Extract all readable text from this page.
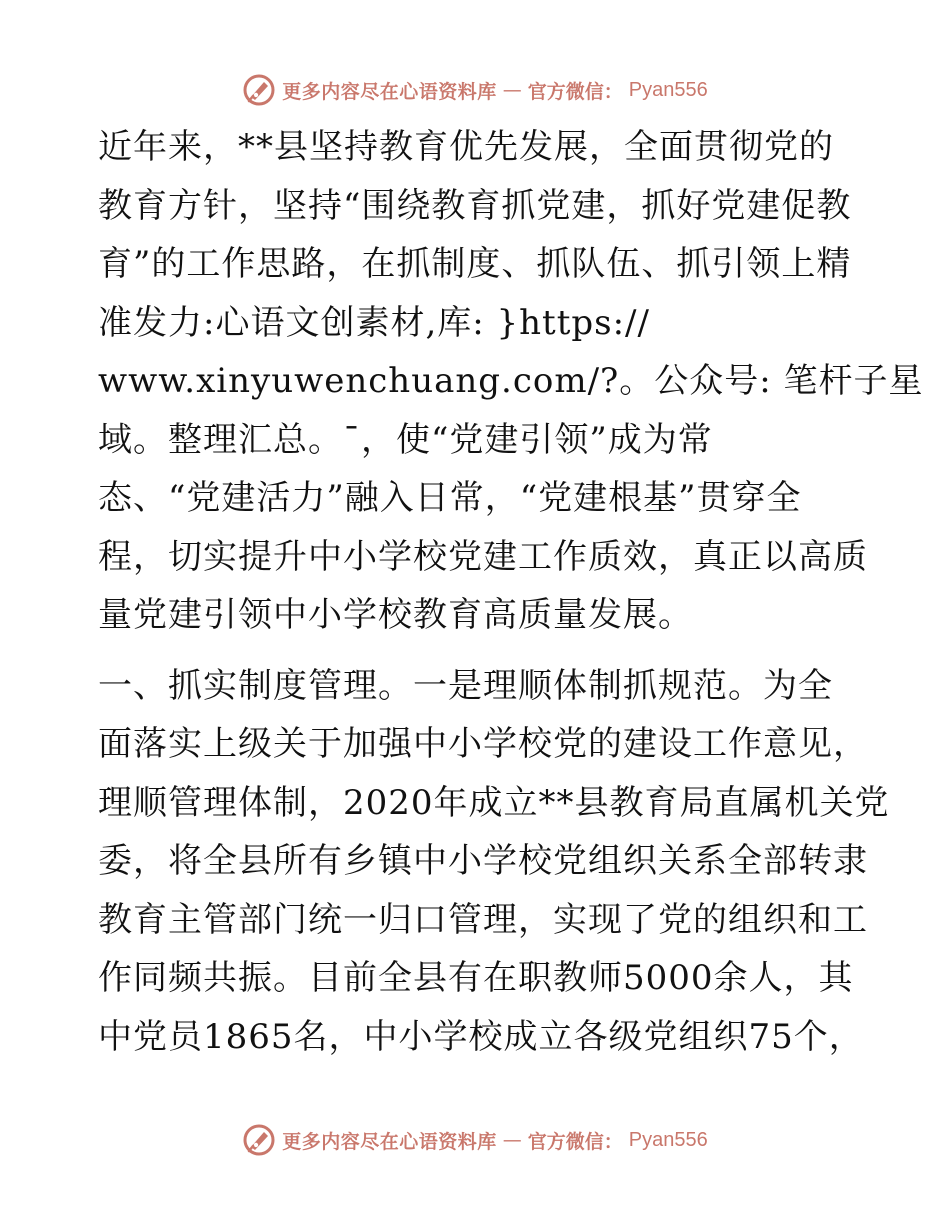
更多内容尽在心语资料库 — 官方微信： Pyan556

近年来，**县坚持教育优先发展，全面贯彻党的
教育方针，坚持“围绕教育抓党建，抓好党建促教
育”的工作思路，在抓制度、抓队伍、抓引领上精
准发力:心语文创素材,库: }https://
www.xinyuwenchuang.com/?。公众号: 笔杆子星
域。整理汇总。¯，使“党建引领”成为常
态、“党建活力”融入日常，“党建根基”贯穿全
程，切实提升中小学校党建工作质效，真正以高质
量党建引领中小学校教育高质量发展。

一、抓实制度管理。一是理顺体制抓规范。为全
面落实上级关于加强中小学校党的建设工作意见，
理顺管理体制，2020年成立**县教育局直属机关党
委，将全县所有乡镇中小学校党组织关系全部转隶
教育主管部门统一归口管理，实现了党的组织和工
作同频共振。目前全县有在职教师5000余人，其
中党员1865名，中小学校成立各级党组织75个，

更多内容尽在心语资料库 — 官方微信： Pyan556
